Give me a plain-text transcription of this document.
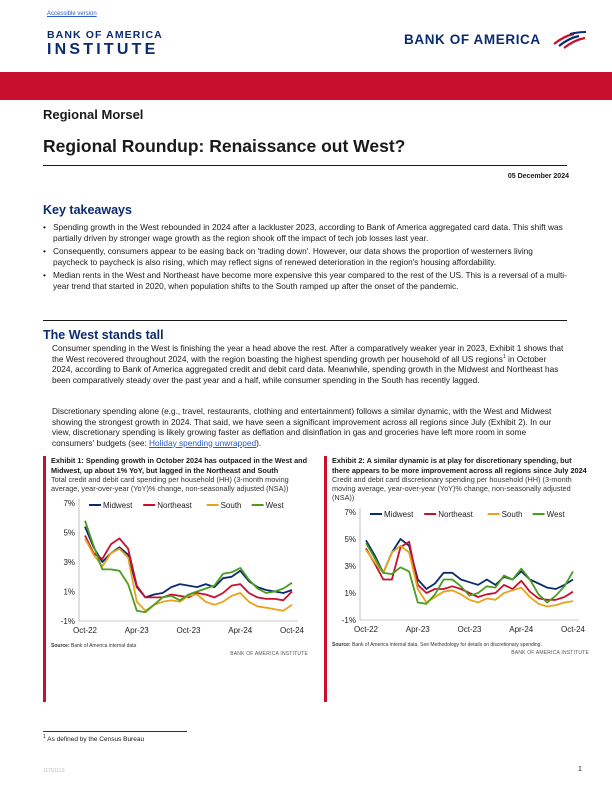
Accessible version
BANK OF AMERICA
INSTITUTE
BANK OF AMERICA
Regional Morsel
Regional Roundup: Renaissance out West?
05 December 2024
Key takeaways
• Spending growth in the West rebounded in 2024 after a lackluster 2023, according to Bank of America aggregated card data. This shift was partially driven by stronger wage growth as the region shook off the impact of tech job losses last year.
• Consequently, consumers appear to be easing back on 'trading down'. However, our data shows the proportion of westerners living paycheck to paycheck is also rising, which may reflect signs of renewed deterioration in the region's housing affordability.
• Median rents in the West and Northeast have become more expensive this year compared to the rest of the US. This is a reversal of a multi-year trend that started in 2020, when population shifts to the South ramped up after the onset of the pandemic.
The West stands tall

Consumer spending in the West is finishing the year a head above the rest. After a comparatively weaker year in 2023, Exhibit 1 shows that the West recovered throughout 2024, with the region boasting the highest spending growth per household of all US regions$^1$ in October 2024, according to Bank of America aggregated credit and debit card data. Meanwhile, spending growth in the Midwest and Northeast has been comparatively steady over the past year and a half, while consumer spending in the South has recently lagged.

Discretionary spending alone (e.g., travel, restaurants, clothing and entertainment) follows a similar dynamic, with the West and Midwest showing the strongest growth in 2024. That said, we have seen a significant improvement across all regions since July (Exhibit 2). In our view, discretionary spending is likely growing faster as deflation and disinflation in gas and groceries have left more room in some consumers' budgets (see: Holiday spending unwrapped).

Exhibit 1: Spending growth in October 2024 has outpaced in the West and Midwest, up about 1% YoY, but lagged in the Northeast and South
Total credit and debit card spending per household (HH) (3-month moving average, year-over-year (YoY)% change, non-seasonally adjusted (NSA))
-1%
1%
3%
5%
7%
Oct-22	Apr-23	Oct-23	Apr-24	Oct-24
Midwest	Northeast	South	West
Source: Bank of America internal data
BANK OF AMERICA INSTITUTE
Exhibit 2: A similar dynamic is at play for discretionary spending, but there appears to be more improvement across all regions since July 2024
Credit and debit card discretionary spending per household (HH) (3-month moving average, year-over-year (YoY)% change, non-seasonally adjusted (NSA))
-1%
1%
3%
5%
7%
Oct-22	Apr-23	Oct-23	Apr-24	Oct-24
Midwest	Northeast	South	West
Source: Bank of America internal data. See Methodology for details on discretionary spending.
BANK OF AMERICA INSTITUTE
$^1$ As defined by the Census Bureau
1179111S	1
